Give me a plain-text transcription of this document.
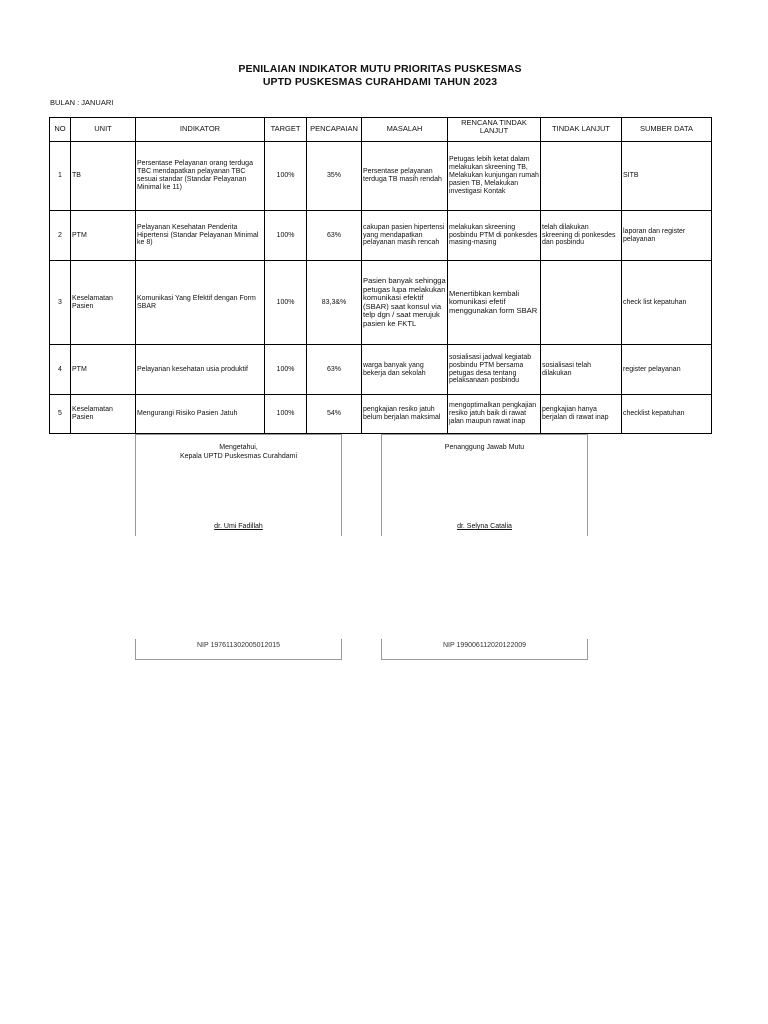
PENILAIAN INDIKATOR MUTU PRIORITAS PUSKESMAS
UPTD PUSKESMAS CURAHDAMI TAHUN 2023
BULAN : JANUARI
NO	UNIT	INDIKATOR	TARGET	PENCAPAIAN	MASALAH	RENCANA TINDAK LANJUT	TINDAK LANJUT	SUMBER DATA
1	TB	Persentase Pelayanan orang terduga TBC mendapatkan pelayanan TBC sesuai standar (Standar Pelayanan Minimal ke 11)	100%	35%	Persentase pelayanan terduga TB masih rendah	Petugas lebih ketat dalam melakukan skreening TB, Melakukan kunjungan rumah pasien TB, Melakukan investigasi Kontak		SITB
2	PTM	Pelayanan Kesehatan Penderita Hipertensi (Standar Pelayanan Minimal ke 8)	100%	63%	cakupan pasien hipertensi yang mendapatkan pelayanan masih rencah	melakukan skreening posbindu PTM di ponkesdes masing-masing	telah dilakukan skreening di ponkesdes dan posbindu	laporan dan register pelayanan
3	Keselamatan Pasien	Komunikasi Yang Efektif dengan Form SBAR	100%	83,3&%	Pasien banyak sehingga petugas lupa melakukan komunikasi efektif (SBAR) saat konsul via telp dgn / saat merujuk pasien ke FKTL	Menertibkan kembali komunikasi efetif menggunakan form SBAR		check list kepatuhan
4	PTM	Pelayanan kesehatan usia produktif	100%	63%	warga banyak yang bekerja dan sekolah	sosialisasi jadwal kegiatab posbindu PTM bersama petugas desa tentang pelaksanaan posbindu	sosialisasi telah dilakukan	register pelayanan
5	Keselamatan Pasien	Mengurangi Risiko Pasien Jatuh	100%	54%	pengkajian resiko jatuh belum berjalan maksimal	mengoptimalkan pengkajian resiko jatuh baik di rawat jalan maupun rawat inap	pengkajian hanya berjalan di rawat inap	checklist kepatuhan
Mengetahui,
Kepala UPTD Puskesmas Curahdami
dr. Umi Fadillah
Penanggung Jawab Mutu
dr. Selyna Catalia
NIP 197611302005012015	NIP 199006112020122009
